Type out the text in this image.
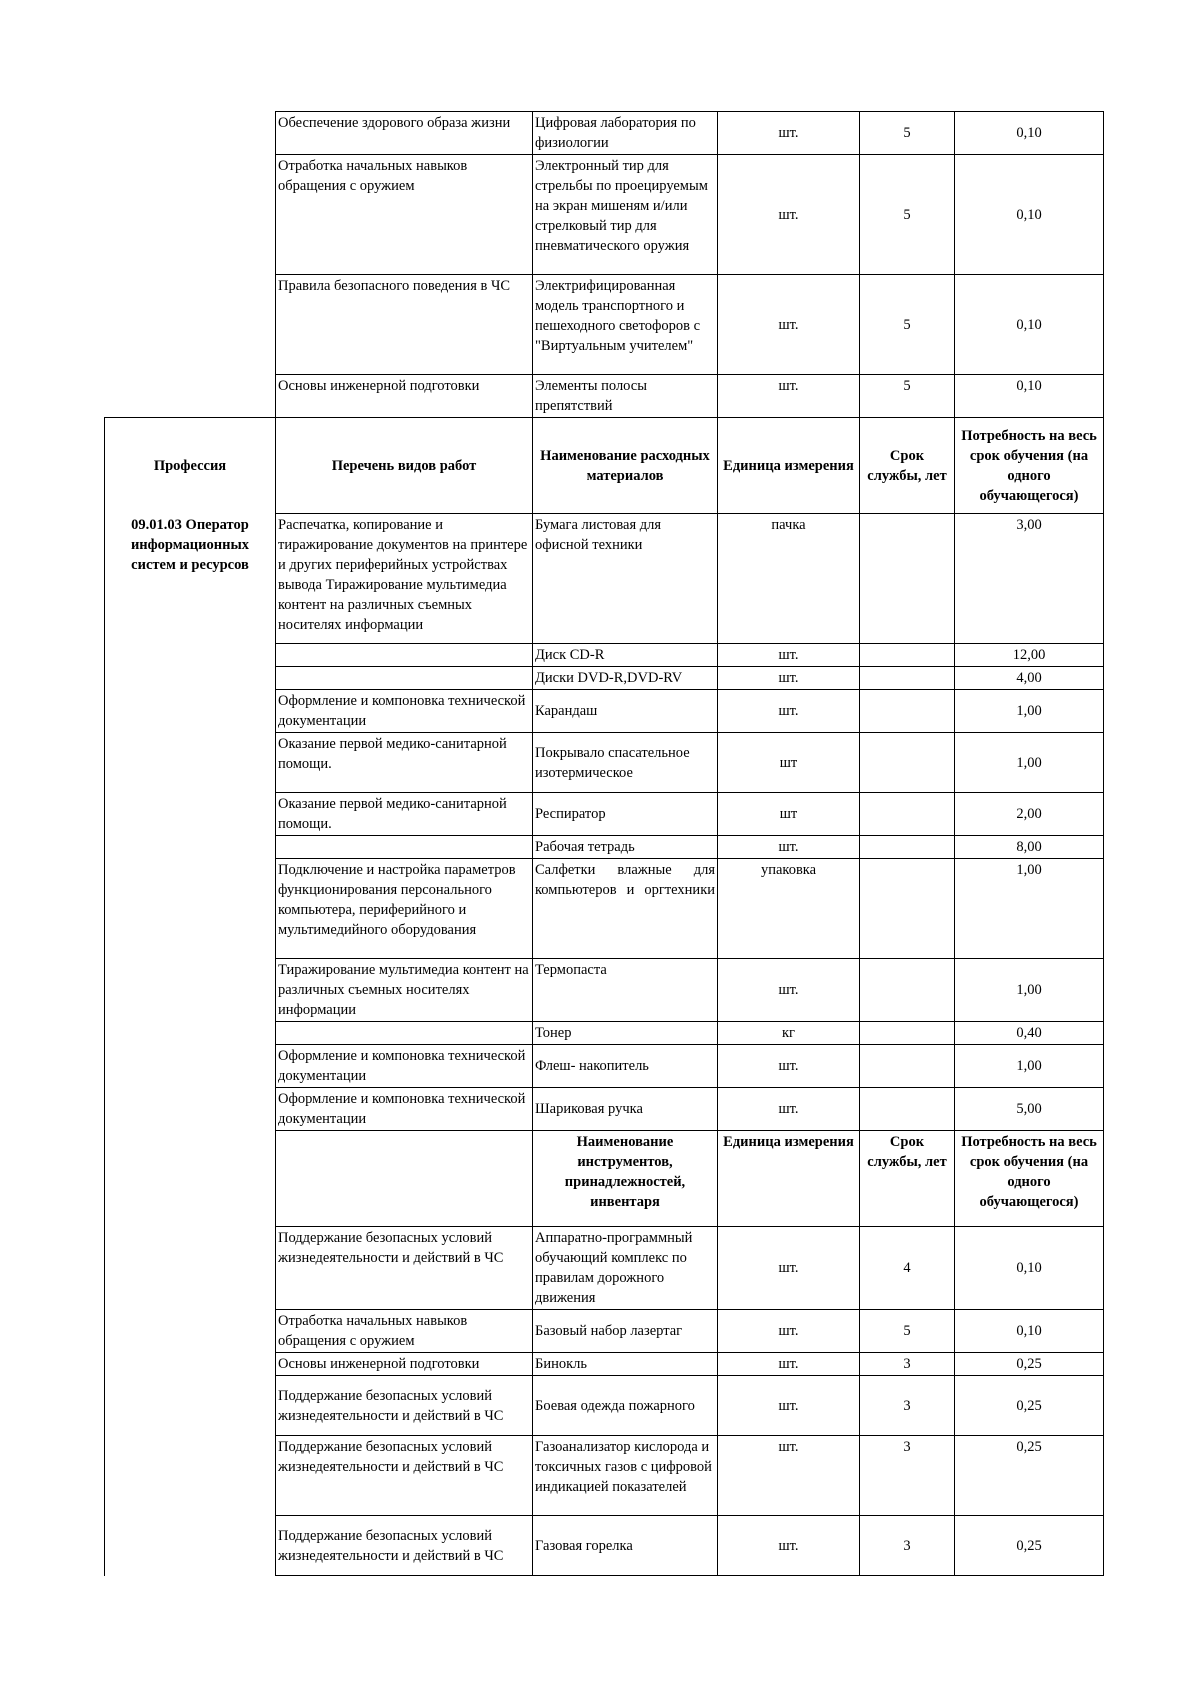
	Обеспечение здорового образа жизни	Цифровая лаборатория по физиологии	шт.	5	0,10
	Отработка начальных навыков обращения с оружием	Электронный тир для стрельбы по проецируемым на экран мишеням и/или стрелковый тир для пневматического оружия	шт.	5	0,10
	Правила безопасного поведения в ЧС	Электрифицированная модель транспортного и пешеходного светофоров с "Виртуальным учителем"	шт.	5	0,10
	Основы инженерной подготовки	Элементы полосы препятствий	шт.	5	0,10
Профессия	Перечень видов работ	Наименование расходных материалов	Единица измерения	Срок службы, лет	Потребность на весь срок обучения (на одного обучающегося)
09.01.03 Оператор информационных систем и ресурсов	Распечатка, копирование и тиражирование документов на принтере и других периферийных устройствах вывода Тиражирование мультимедиа контент на различных съемных носителях информации	Бумага листовая для офисной техники	пачка		3,00
		Диск CD-R	шт.		12,00
		Диски DVD-R,DVD-RV	шт.		4,00
	Оформление и компоновка технической документации	Карандаш	шт.		1,00
	Оказание первой медико-санитарной помощи.	Покрывало спасательное изотермическое	шт		1,00
	Оказание первой медико-санитарной помощи.	Респиратор	шт		2,00
		Рабочая тетрадь	шт.		8,00
	Подключение и настройка параметров функционирования персонального компьютера, периферийного и мультимедийного оборудования	Салфетки влажные для компьютеров и оргтехники	упаковка		1,00
	Тиражирование мультимедиа контент на различных съемных носителях информации	Термопаста	шт.		1,00
		Тонер	кг		0,40
	Оформление и компоновка технической документации	Флеш- накопитель	шт.		1,00
	Оформление и компоновка технической документации	Шариковая ручка	шт.		5,00
		Наименование инструментов, принадлежностей, инвентаря	Единица измерения	Срок службы, лет	Потребность на весь срок обучения (на одного обучающегося)
	Поддержание безопасных условий жизнедеятельности и действий в ЧС	Аппаратно-программный обучающий комплекс по правилам дорожного движения	шт.	4	0,10
	Отработка начальных навыков обращения с оружием	Базовый набор лазертаг	шт.	5	0,10
	Основы инженерной подготовки	Бинокль	шт.	3	0,25
	Поддержание безопасных условий жизнедеятельности и действий в ЧС	Боевая одежда пожарного	шт.	3	0,25
	Поддержание безопасных условий жизнедеятельности и действий в ЧС	Газоанализатор кислорода и токсичных газов с цифровой индикацией показателей	шт.	3	0,25
	Поддержание безопасных условий жизнедеятельности и действий в ЧС	Газовая горелка	шт.	3	0,25
